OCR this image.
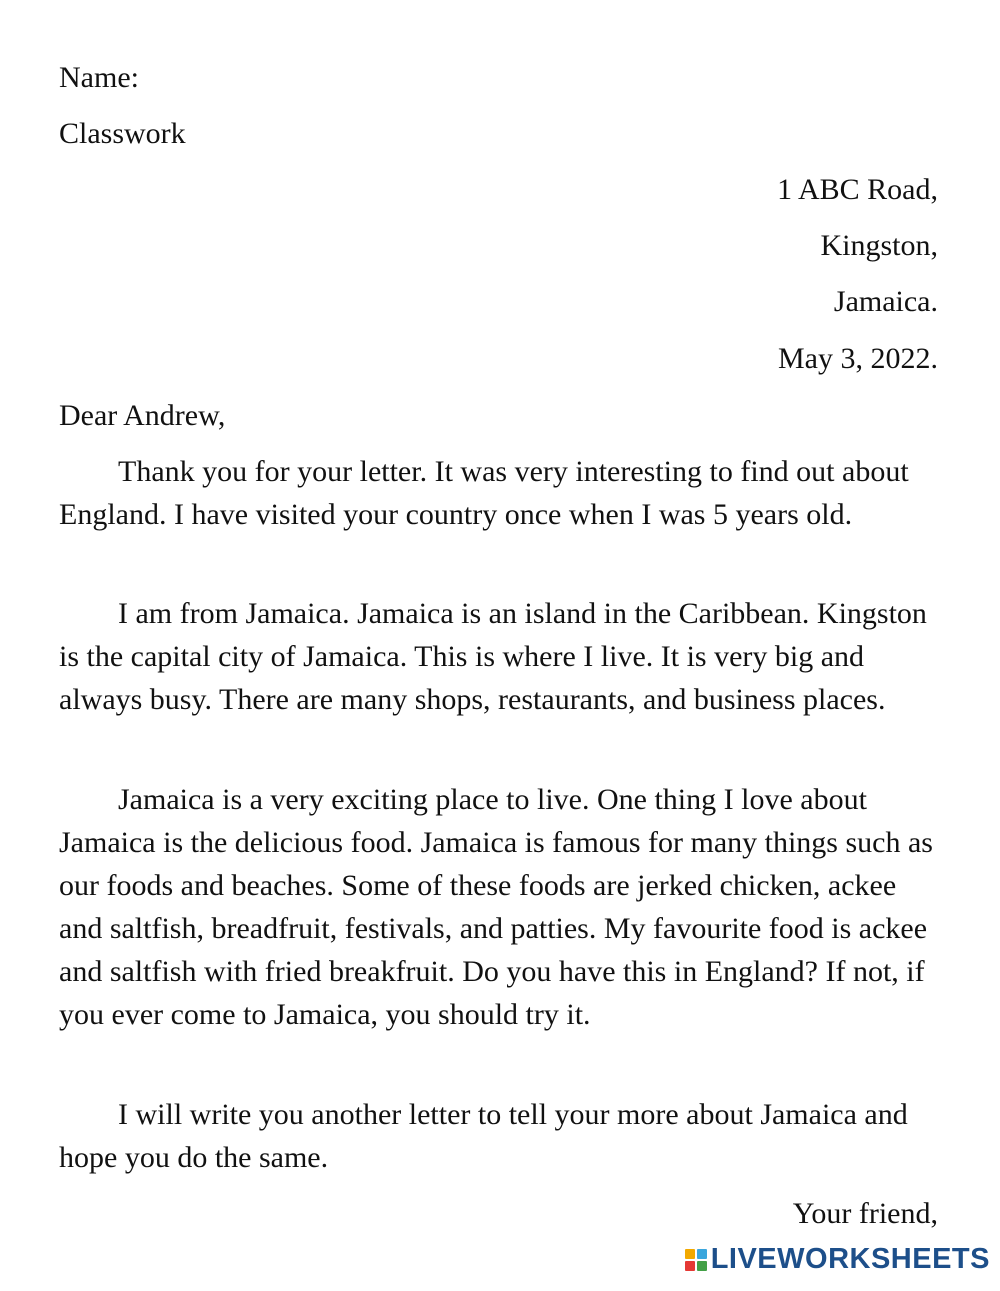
Name:
Classwork
1 ABC Road,
Kingston,
Jamaica.
May 3, 2022.
Dear Andrew,

Thank you for your letter. It was very interesting to find out about England. I have visited your country once when I was 5 years old.

I am from Jamaica. Jamaica is an island in the Caribbean. Kingston is the capital city of Jamaica. This is where I live. It is very big and always busy. There are many shops, restaurants, and business places.

Jamaica is a very exciting place to live. One thing I love about Jamaica is the delicious food. Jamaica is famous for many things such as our foods and beaches. Some of these foods are jerked chicken, ackee and saltfish, breadfruit, festivals, and patties. My favourite food is ackee and saltfish with fried breakfruit. Do you have this in England? If not, if you ever come to Jamaica, you should try it.

I will write you another letter to tell your more about Jamaica and hope you do the same.

Your friend,
LIVEWORKSHEETS
